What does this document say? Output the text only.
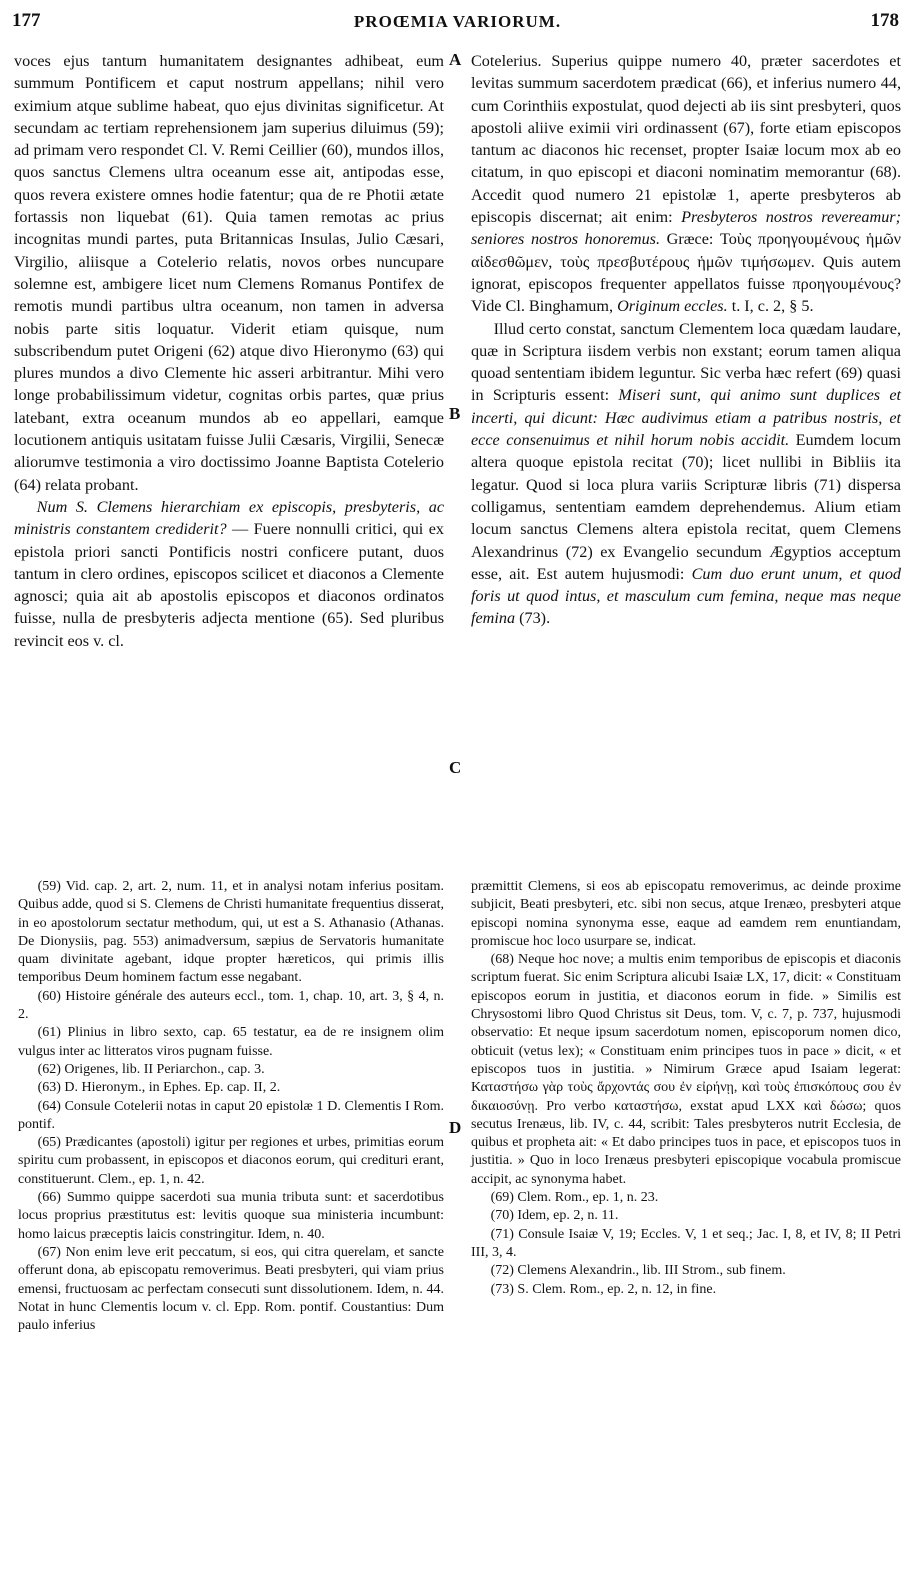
177	PROŒMIA VARIORUM.	178
A
B
C
D

voces ejus tantum humanitatem designantes adhibeat, eum summum Pontificem et caput nostrum appellans; nihil vero eximium atque sublime habeat, quo ejus divinitas significetur. At secundam ac tertiam reprehensionem jam superius diluimus (59); ad primam vero respondet Cl. V. Remi Ceillier (60), mundos illos, quos sanctus Clemens ultra oceanum esse ait, antipodas esse, quos revera existere omnes hodie fatentur; qua de re Photii ætate fortassis non liquebat (61). Quia tamen remotas ac prius incognitas mundi partes, puta Britannicas Insulas, Julio Cæsari, Virgilio, aliisque a Cotelerio relatis, novos orbes nuncupare solemne est, ambigere licet num Clemens Romanus Pontifex de remotis mundi partibus ultra oceanum, non tamen in adversa nobis parte sitis loquatur. Viderit etiam quisque, num subscribendum putet Origeni (62) atque divo Hieronymo (63) qui plures mundos a divo Clemente hic asseri arbitrantur. Mihi vero longe probabilissimum videtur, cognitas orbis partes, quæ prius latebant, extra oceanum mundos ab eo appellari, eamque locutionem antiquis usitatam fuisse Julii Cæsaris, Virgilii, Senecæ aliorumve testimonia a viro doctissimo Joanne Baptista Cotelerio (64) relata probant.

Num S. Clemens hierarchiam ex episcopis, presbyteris, ac ministris constantem crediderit? — Fuere nonnulli critici, qui ex epistola priori sancti Pontificis nostri conficere putant, duos tantum in clero ordines, episcopos scilicet et diaconos a Clemente agnosci; quia ait ab apostolis episcopos et diaconos ordinatos fuisse, nulla de presbyteris adjecta mentione (65). Sed pluribus revincit eos v. cl.

Cotelerius. Superius quippe numero 40, præter sacerdotes et levitas summum sacerdotem prædicat (66), et inferius numero 44, cum Corinthiis expostulat, quod dejecti ab iis sint presbyteri, quos apostoli aliive eximii viri ordinassent (67), forte etiam episcopos tantum ac diaconos hic recenset, propter Isaiæ locum mox ab eo citatum, in quo episcopi et diaconi nominatim memorantur (68). Accedit quod numero 21 epistolæ 1, aperte presbyteros ab episcopis discernat; ait enim: Presbyteros nostros revereamur; seniores nostros honoremus. Græce: Τοὺς προηγουμένους ἡμῶν αἰδεσθῶμεν, τοὺς πρεσβυτέρους ἡμῶν τιμήσωμεν. Quis autem ignorat, episcopos frequenter appellatos fuisse προηγουμένους? Vide Cl. Binghamum, Originum eccles. t. I, c. 2, § 5.

Illud certo constat, sanctum Clementem loca quædam laudare, quæ in Scriptura iisdem verbis non exstant; eorum tamen aliqua quoad sententiam ibidem leguntur. Sic verba hæc refert (69) quasi in Scripturis essent: Miseri sunt, qui animo sunt duplices et incerti, qui dicunt: Hæc audivimus etiam a patribus nostris, et ecce consenuimus et nihil horum nobis accidit. Eumdem locum altera quoque epistola recitat (70); licet nullibi in Bibliis ita legatur. Quod si loca plura variis Scripturæ libris (71) dispersa colligamus, sententiam eamdem deprehendemus. Alium etiam locum sanctus Clemens altera epistola recitat, quem Clemens Alexandrinus (72) ex Evangelio secundum Ægyptios acceptum esse, ait. Est autem hujusmodi: Cum duo erunt unum, et quod foris ut quod intus, et masculum cum femina, neque mas neque femina (73).

(59) Vid. cap. 2, art. 2, num. 11, et in analysi notam inferius positam. Quibus adde, quod si S. Clemens de Christi humanitate frequentius disserat, in eo apostolorum sectatur methodum, qui, ut est a S. Athanasio (Athanas. De Dionysiis, pag. 553) animadversum, sæpius de Servatoris humanitate quam divinitate agebant, idque propter hæreticos, qui primis illis temporibus Deum hominem factum esse negabant.

(60) Histoire générale des auteurs eccl., tom. 1, chap. 10, art. 3, § 4, n. 2.

(61) Plinius in libro sexto, cap. 65 testatur, ea de re insignem olim vulgus inter ac litteratos viros pugnam fuisse.

(62) Origenes, lib. II Periarchon., cap. 3.

(63) D. Hieronym., in Ephes. Ep. cap. II, 2.

(64) Consule Cotelerii notas in caput 20 epistolæ 1 D. Clementis I Rom. pontif.

(65) Prædicantes (apostoli) igitur per regiones et urbes, primitias eorum spiritu cum probassent, in episcopos et diaconos eorum, qui credituri erant, constituerunt. Clem., ep. 1, n. 42.

(66) Summo quippe sacerdoti sua munia tributa sunt: et sacerdotibus locus proprius præstitutus est: levitis quoque sua ministeria incumbunt: homo laicus præceptis laicis constringitur. Idem, n. 40.

(67) Non enim leve erit peccatum, si eos, qui citra querelam, et sancte offerunt dona, ab episcopatu removerimus. Beati presbyteri, qui viam prius emensi, fructuosam ac perfectam consecuti sunt dissolutionem. Idem, n. 44. Notat in hunc Clementis locum v. cl. Epp. Rom. pontif. Coustantius: Dum paulo inferius

præmittit Clemens, si eos ab episcopatu removerimus, ac deinde proxime subjicit, Beati presbyteri, etc. sibi non secus, atque Irenæo, presbyteri atque episcopi nomina synonyma esse, eaque ad eamdem rem enuntiandam, promiscue hoc loco usurpare se, indicat.

(68) Neque hoc nove; a multis enim temporibus de episcopis et diaconis scriptum fuerat. Sic enim Scriptura alicubi Isaiæ LX, 17, dicit: « Constituam episcopos eorum in justitia, et diaconos eorum in fide. » Similis est Chrysostomi libro Quod Christus sit Deus, tom. V, c. 7, p. 737, hujusmodi observatio: Et neque ipsum sacerdotum nomen, episcoporum nomen dico, obticuit (vetus lex); « Constituam enim principes tuos in pace » dicit, « et episcopos tuos in justitia. » Nimirum Græce apud Isaiam legerat: Καταστήσω γὰρ τοὺς ἄρχοντάς σου ἐν εἰρήνῃ, καὶ τοὺς ἐπισκόπους σου ἐν δικαιοσύνῃ. Pro verbo καταστήσω, exstat apud LXX καὶ δώσω; quos secutus Irenæus, lib. IV, c. 44, scribit: Tales presbyteros nutrit Ecclesia, de quibus et propheta ait: « Et dabo principes tuos in pace, et episcopos tuos in justitia. » Quo in loco Irenæus presbyteri episcopique vocabula promiscue accipit, ac synonyma habet.

(69) Clem. Rom., ep. 1, n. 23.

(70) Idem, ep. 2, n. 11.

(71) Consule Isaiæ V, 19; Eccles. V, 1 et seq.; Jac. I, 8, et IV, 8; II Petri III, 3, 4.

(72) Clemens Alexandrin., lib. III Strom., sub finem.

(73) S. Clem. Rom., ep. 2, n. 12, in fine.
